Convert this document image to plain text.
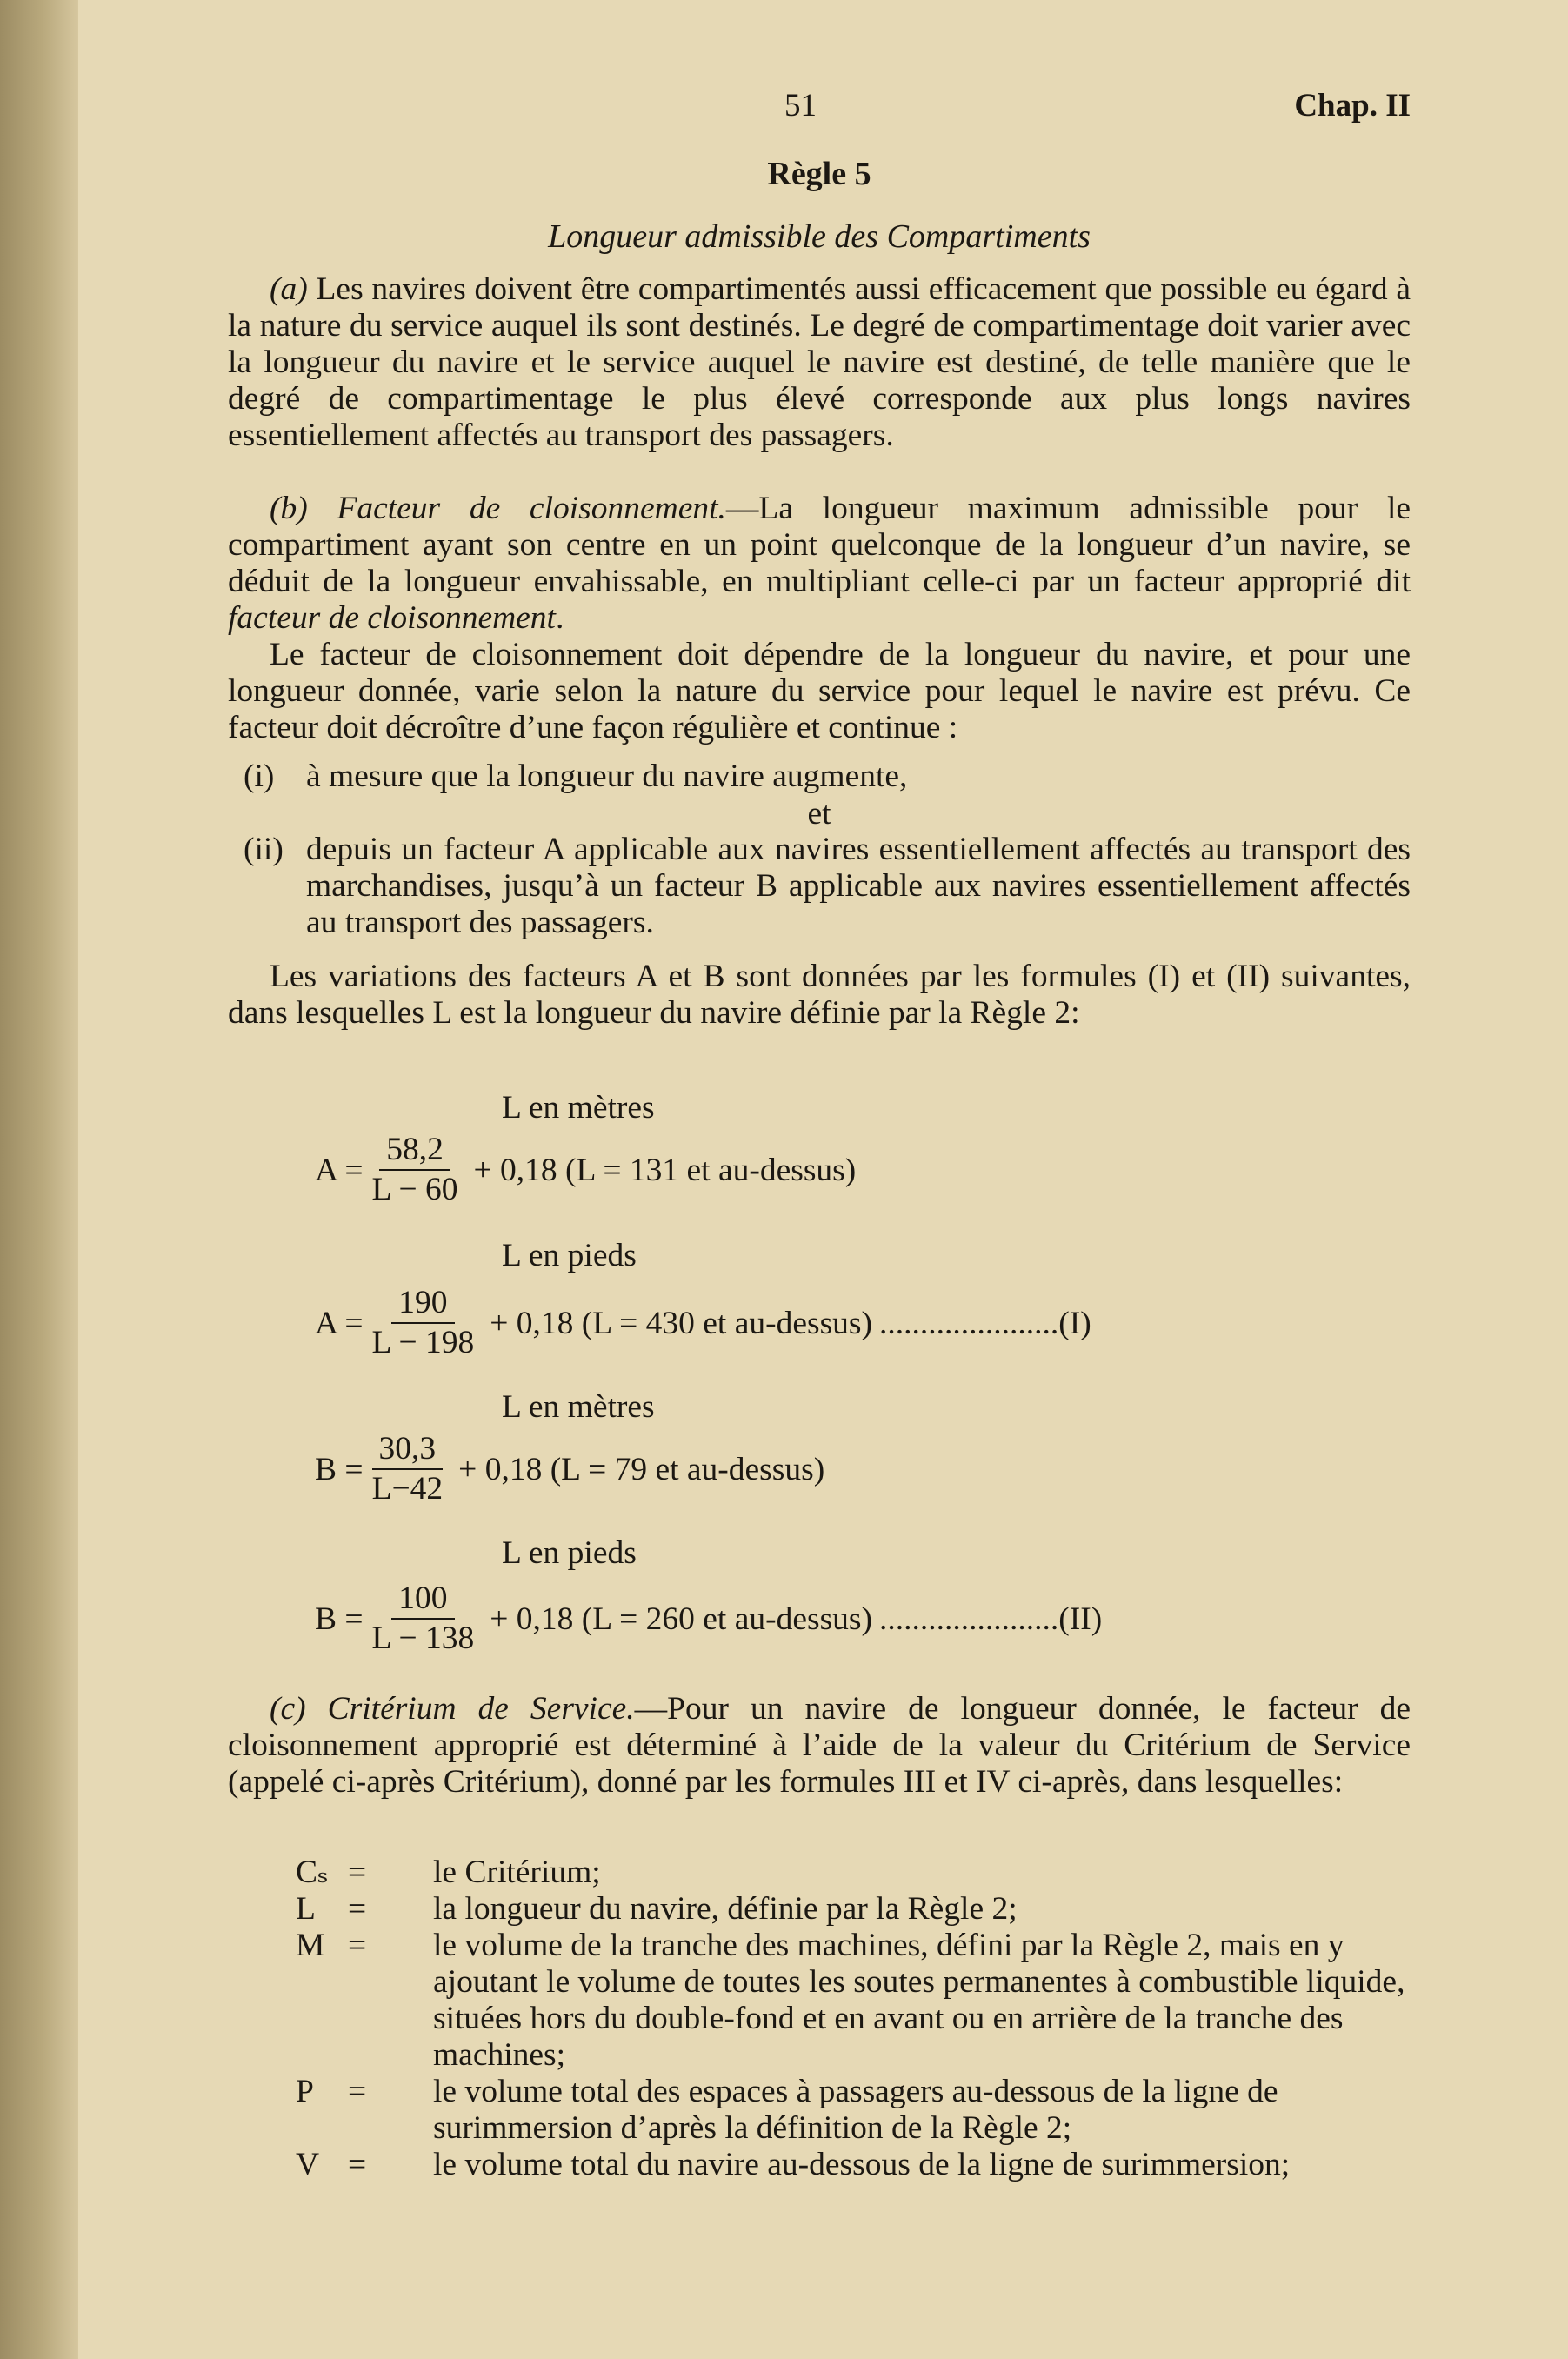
51	Chap. II
Règle 5
Longueur admissible des Compartiments
(a) Les navires doivent être compartimentés aussi efficacement que possible eu égard à la nature du service auquel ils sont destinés. Le degré de compartimentage doit varier avec la longueur du navire et le service auquel le navire est destiné, de telle manière que le degré de compartimentage le plus élevé corresponde aux plus longs navires essentiellement affectés au transport des passagers.
(b) Facteur de cloisonnement.—La longueur maximum admissible pour le compartiment ayant son centre en un point quelconque de la longueur d’un navire, se déduit de la longueur envahissable, en multipliant celle-ci par un facteur approprié dit facteur de cloisonnement.
Le facteur de cloisonnement doit dépendre de la longueur du navire, et pour une longueur donnée, varie selon la nature du service pour lequel le navire est prévu. Ce facteur doit décroître d’une façon régulière et continue :
(i) à mesure que la longueur du navire augmente,
et
(ii) depuis un facteur A applicable aux navires essentiellement affectés au transport des marchandises, jusqu’à un facteur B applicable aux navires essentiellement affectés au transport des passagers.
Les variations des facteurs A et B sont données par les formules (I) et (II) suivantes, dans lesquelles L est la longueur du navire définie par la Règle 2:
L en mètres
$A = \frac{58,2}{L - 60} + 0,18$ (L = 131 et au-dessus)
L en pieds
$A = \frac{190}{L - 198} + 0,18$ (L = 430 et au-dessus) ......................(I)
L en mètres
$B = \frac{30,3}{L-42} + 0,18$ (L = 79 et au-dessus)
L en pieds
$B = \frac{100}{L - 138} + 0,18$ (L = 260 et au-dessus) ......................(II)
(c) Critérium de Service.—Pour un navire de longueur donnée, le facteur de cloisonnement approprié est déterminé à l’aide de la valeur du Critérium de Service (appelé ci-après Critérium), donné par les formules III et IV ci-après, dans lesquelles:
Cₛ = le Critérium;
L = la longueur du navire, définie par la Règle 2;
M = le volume de la tranche des machines, défini par la Règle 2, mais en y ajoutant le volume de toutes les soutes permanentes à combustible liquide, situées hors du double-fond et en avant ou en arrière de la tranche des machines;
P	= le volume total des espaces à passagers au-dessous de la ligne de surimmersion d’après la définition de la Règle 2;
V = le volume total du navire au-dessous de la ligne de surimmersion;
